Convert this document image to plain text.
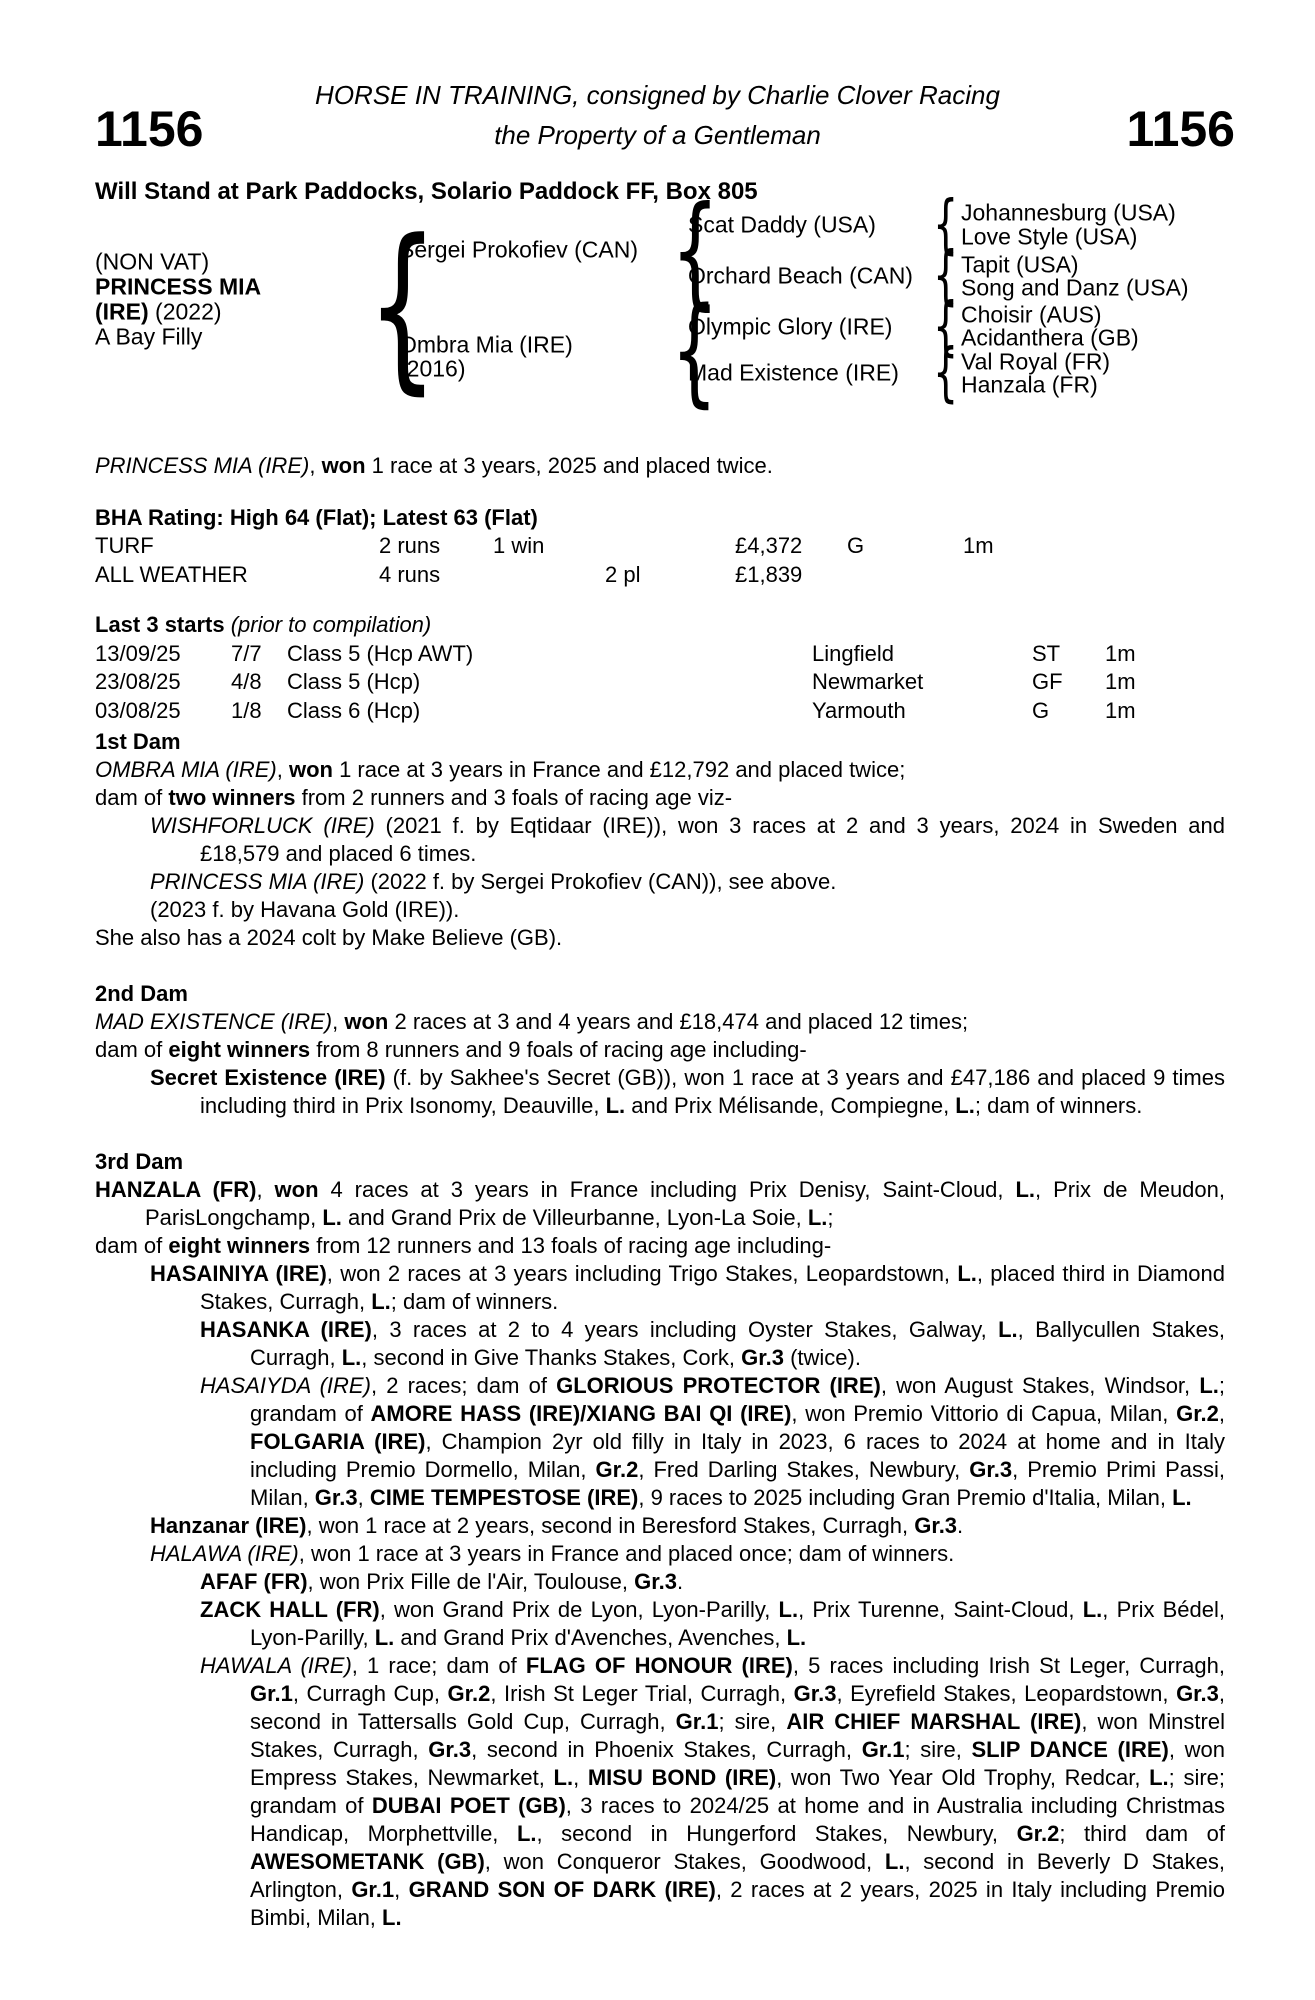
HORSE IN TRAINING, consigned by Charlie Clover Racing
1156	1156
the Property of a Gentleman
Will Stand at Park Paddocks, Solario Paddock FF, Box 805
(NON VAT)
PRINCESS MIA
(IRE) (2022)
A Bay Filly
{
Sergei Prokofiev (CAN)
Ombra Mia (IRE)
(2016)
{
{
Scat Daddy (USA)
Orchard Beach (CAN)
Olympic Glory (IRE)
Mad Existence (IRE)
{
{
{
{
Johannesburg (USA)
Love Style (USA)
Tapit (USA)
Song and Danz (USA)
Choisir (AUS)
Acidanthera (GB)
Val Royal (FR)
Hanzala (FR)
PRINCESS MIA (IRE), won 1 race at 3 years, 2025 and placed twice.
BHA Rating: High 64 (Flat); Latest 63 (Flat)
TURF	2 runs 1 win	£4,372 G	1m
ALL WEATHER	4 runs	2 pl	£1,839
Last 3 starts (prior to compilation)
13/09/25 7/7 Class 5 (Hcp AWT)	Lingfield	ST 1m
23/08/25 4/8 Class 5 (Hcp)	Newmarket	GF 1m
03/08/25 1/8 Class 6 (Hcp)	Yarmouth	G	1m
1st Dam
OMBRA MIA (IRE), won 1 race at 3 years in France and £12,792 and placed twice;
dam of two winners from 2 runners and 3 foals of racing age viz-
WISHFORLUCK (IRE) (2021 f. by Eqtidaar (IRE)), won 3 races at 2 and 3 years, 2024 in Sweden and £18,579 and placed 6 times.
PRINCESS MIA (IRE) (2022 f. by Sergei Prokofiev (CAN)), see above.
(2023 f. by Havana Gold (IRE)).
She also has a 2024 colt by Make Believe (GB).
2nd Dam
MAD EXISTENCE (IRE), won 2 races at 3 and 4 years and £18,474 and placed 12 times;
dam of eight winners from 8 runners and 9 foals of racing age including-
Secret Existence (IRE) (f. by Sakhee's Secret (GB)), won 1 race at 3 years and £47,186 and placed 9 times including third in Prix Isonomy, Deauville, L. and Prix Mélisande, Compiegne, L.; dam of winners.
3rd Dam
HANZALA (FR), won 4 races at 3 years in France including Prix Denisy, Saint-Cloud, L., Prix de Meudon, ParisLongchamp, L. and Grand Prix de Villeurbanne, Lyon-La Soie, L.;
dam of eight winners from 12 runners and 13 foals of racing age including-
HASAINIYA (IRE), won 2 races at 3 years including Trigo Stakes, Leopardstown, L., placed third in Diamond Stakes, Curragh, L.; dam of winners.
HASANKA (IRE), 3 races at 2 to 4 years including Oyster Stakes, Galway, L., Ballycullen Stakes, Curragh, L., second in Give Thanks Stakes, Cork, Gr.3 (twice).
HASAIYDA (IRE), 2 races; dam of GLORIOUS PROTECTOR (IRE), won August Stakes, Windsor, L.; grandam of AMORE HASS (IRE)/XIANG BAI QI (IRE), won Premio Vittorio di Capua, Milan, Gr.2, FOLGARIA (IRE), Champion 2yr old filly in Italy in 2023, 6 races to 2024 at home and in Italy including Premio Dormello, Milan, Gr.2, Fred Darling Stakes, Newbury, Gr.3, Premio Primi Passi, Milan, Gr.3, CIME TEMPESTOSE (IRE), 9 races to 2025 including Gran Premio d'Italia, Milan, L.
Hanzanar (IRE), won 1 race at 2 years, second in Beresford Stakes, Curragh, Gr.3.
HALAWA (IRE), won 1 race at 3 years in France and placed once; dam of winners.
AFAF (FR), won Prix Fille de l'Air, Toulouse, Gr.3.
ZACK HALL (FR), won Grand Prix de Lyon, Lyon-Parilly, L., Prix Turenne, Saint-Cloud, L., Prix Bédel, Lyon-Parilly, L. and Grand Prix d'Avenches, Avenches, L.
HAWALA (IRE), 1 race; dam of FLAG OF HONOUR (IRE), 5 races including Irish St Leger, Curragh, Gr.1, Curragh Cup, Gr.2, Irish St Leger Trial, Curragh, Gr.3, Eyrefield Stakes, Leopardstown, Gr.3, second in Tattersalls Gold Cup, Curragh, Gr.1; sire, AIR CHIEF MARSHAL (IRE), won Minstrel Stakes, Curragh, Gr.3, second in Phoenix Stakes, Curragh, Gr.1; sire, SLIP DANCE (IRE), won Empress Stakes, Newmarket, L., MISU BOND (IRE), won Two Year Old Trophy, Redcar, L.; sire; grandam of DUBAI POET (GB), 3 races to 2024/25 at home and in Australia including Christmas Handicap, Morphettville, L., second in Hungerford Stakes, Newbury, Gr.2; third dam of AWESOMETANK (GB), won Conqueror Stakes, Goodwood, L., second in Beverly D Stakes, Arlington, Gr.1, GRAND SON OF DARK (IRE), 2 races at 2 years, 2025 in Italy including Premio Bimbi, Milan, L.
